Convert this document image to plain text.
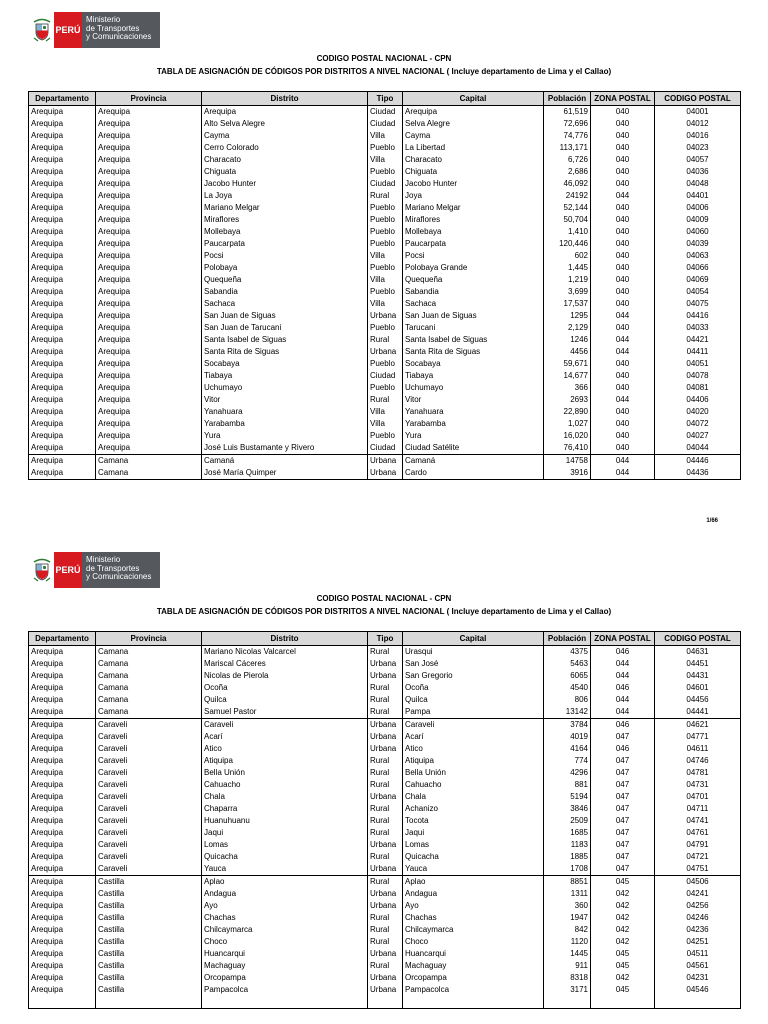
PERÚ
Ministerio
de Transportes
y Comunicaciones
CODIGO POSTAL NACIONAL - CPN
TABLA DE ASIGNACIÓN DE CÓDIGOS POR DISTRITOS A NIVEL NACIONAL ( Incluye departamento de Lima y el Callao)
Departamento	Provincia	Distrito	Tipo	Capital	Población	ZONA POSTAL	CODIGO POSTAL
Arequipa	Arequipa	Arequipa	Ciudad	Arequipa	61,519	040	04001
Arequipa	Arequipa	Alto Selva Alegre	Ciudad	Selva Alegre	72,696	040	04012
Arequipa	Arequipa	Cayma	Villa	Cayma	74,776	040	04016
Arequipa	Arequipa	Cerro Colorado	Pueblo	La Libertad	113,171	040	04023
Arequipa	Arequipa	Characato	Villa	Characato	6,726	040	04057
Arequipa	Arequipa	Chiguata	Pueblo	Chiguata	2,686	040	04036
Arequipa	Arequipa	Jacobo Hunter	Ciudad	Jacobo Hunter	46,092	040	04048
Arequipa	Arequipa	La Joya	Rural	Joya	24192	044	04401
Arequipa	Arequipa	Mariano Melgar	Pueblo	Mariano Melgar	52,144	040	04006
Arequipa	Arequipa	Miraflores	Pueblo	Miraflores	50,704	040	04009
Arequipa	Arequipa	Mollebaya	Pueblo	Mollebaya	1,410	040	04060
Arequipa	Arequipa	Paucarpata	Pueblo	Paucarpata	120,446	040	04039
Arequipa	Arequipa	Pocsi	Villa	Pocsi	602	040	04063
Arequipa	Arequipa	Polobaya	Pueblo	Polobaya Grande	1,445	040	04066
Arequipa	Arequipa	Quequeña	Villa	Quequeña	1,219	040	04069
Arequipa	Arequipa	Sabandia	Pueblo	Sabandia	3,699	040	04054
Arequipa	Arequipa	Sachaca	Villa	Sachaca	17,537	040	04075
Arequipa	Arequipa	San Juan de Siguas	Urbana	San Juan de Siguas	1295	044	04416
Arequipa	Arequipa	San Juan de Tarucani	Pueblo	Tarucani	2,129	040	04033
Arequipa	Arequipa	Santa Isabel de Siguas	Rural	Santa Isabel de Siguas	1246	044	04421
Arequipa	Arequipa	Santa Rita de Siguas	Urbana	Santa Rita de Siguas	4456	044	04411
Arequipa	Arequipa	Socabaya	Pueblo	Socabaya	59,671	040	04051
Arequipa	Arequipa	Tiabaya	Ciudad	Tiabaya	14,677	040	04078
Arequipa	Arequipa	Uchumayo	Pueblo	Uchumayo	366	040	04081
Arequipa	Arequipa	Vitor	Rural	Vitor	2693	044	04406
Arequipa	Arequipa	Yanahuara	Villa	Yanahuara	22,890	040	04020
Arequipa	Arequipa	Yarabamba	Villa	Yarabamba	1,027	040	04072
Arequipa	Arequipa	Yura	Pueblo	Yura	16,020	040	04027
Arequipa	Arequipa	José Luis Bustamante y Rivero	Ciudad	Ciudad Satélite	76,410	040	04044
Arequipa	Camana	Camaná	Urbana	Camaná	14758	044	04446
Arequipa	Camana	José María Quimper	Urbana	Cardo	3916	044	04436
1/66
PERÚ
Ministerio
de Transportes
y Comunicaciones
CODIGO POSTAL NACIONAL - CPN
TABLA DE ASIGNACIÓN DE CÓDIGOS POR DISTRITOS A NIVEL NACIONAL ( Incluye departamento de Lima y el Callao)
Departamento	Provincia	Distrito	Tipo	Capital	Población	ZONA POSTAL	CODIGO POSTAL
Arequipa	Camana	Mariano Nicolas Valcarcel	Rural	Urasqui	4375	046	04631
Arequipa	Camana	Mariscal Cáceres	Urbana	San José	5463	044	04451
Arequipa	Camana	Nicolas de Pierola	Urbana	San Gregorio	6065	044	04431
Arequipa	Camana	Ocoña	Rural	Ocoña	4540	046	04601
Arequipa	Camana	Quilca	Rural	Quilca	806	044	04456
Arequipa	Camana	Samuel Pastor	Rural	Pampa	13142	044	04441
Arequipa	Caraveli	Caraveli	Urbana	Caraveli	3784	046	04621
Arequipa	Caraveli	Acarí	Urbana	Acarí	4019	047	04771
Arequipa	Caraveli	Atico	Urbana	Atico	4164	046	04611
Arequipa	Caraveli	Atiquipa	Rural	Atiquipa	774	047	04746
Arequipa	Caraveli	Bella Unión	Rural	Bella Unión	4296	047	04781
Arequipa	Caraveli	Cahuacho	Rural	Cahuacho	881	047	04731
Arequipa	Caraveli	Chala	Urbana	Chala	5194	047	04701
Arequipa	Caraveli	Chaparra	Rural	Achanizo	3846	047	04711
Arequipa	Caraveli	Huanuhuanu	Rural	Tocota	2509	047	04741
Arequipa	Caraveli	Jaqui	Rural	Jaqui	1685	047	04761
Arequipa	Caraveli	Lomas	Urbana	Lomas	1183	047	04791
Arequipa	Caraveli	Quicacha	Rural	Quicacha	1885	047	04721
Arequipa	Caraveli	Yauca	Urbana	Yauca	1708	047	04751
Arequipa	Castilla	Aplao	Rural	Aplao	8851	045	04506
Arequipa	Castilla	Andagua	Urbana	Andagua	1311	042	04241
Arequipa	Castilla	Ayo	Urbana	Ayo	360	042	04256
Arequipa	Castilla	Chachas	Rural	Chachas	1947	042	04246
Arequipa	Castilla	Chilcaymarca	Rural	Chilcaymarca	842	042	04236
Arequipa	Castilla	Choco	Rural	Choco	1120	042	04251
Arequipa	Castilla	Huancarqui	Urbana	Huancarqui	1445	045	04511
Arequipa	Castilla	Machaguay	Rural	Machaguay	911	045	04561
Arequipa	Castilla	Orcopampa	Urbana	Orcopampa	8318	042	04231
Arequipa	Castilla	Pampacolca	Urbana	Pampacolca	3171	045	04546
